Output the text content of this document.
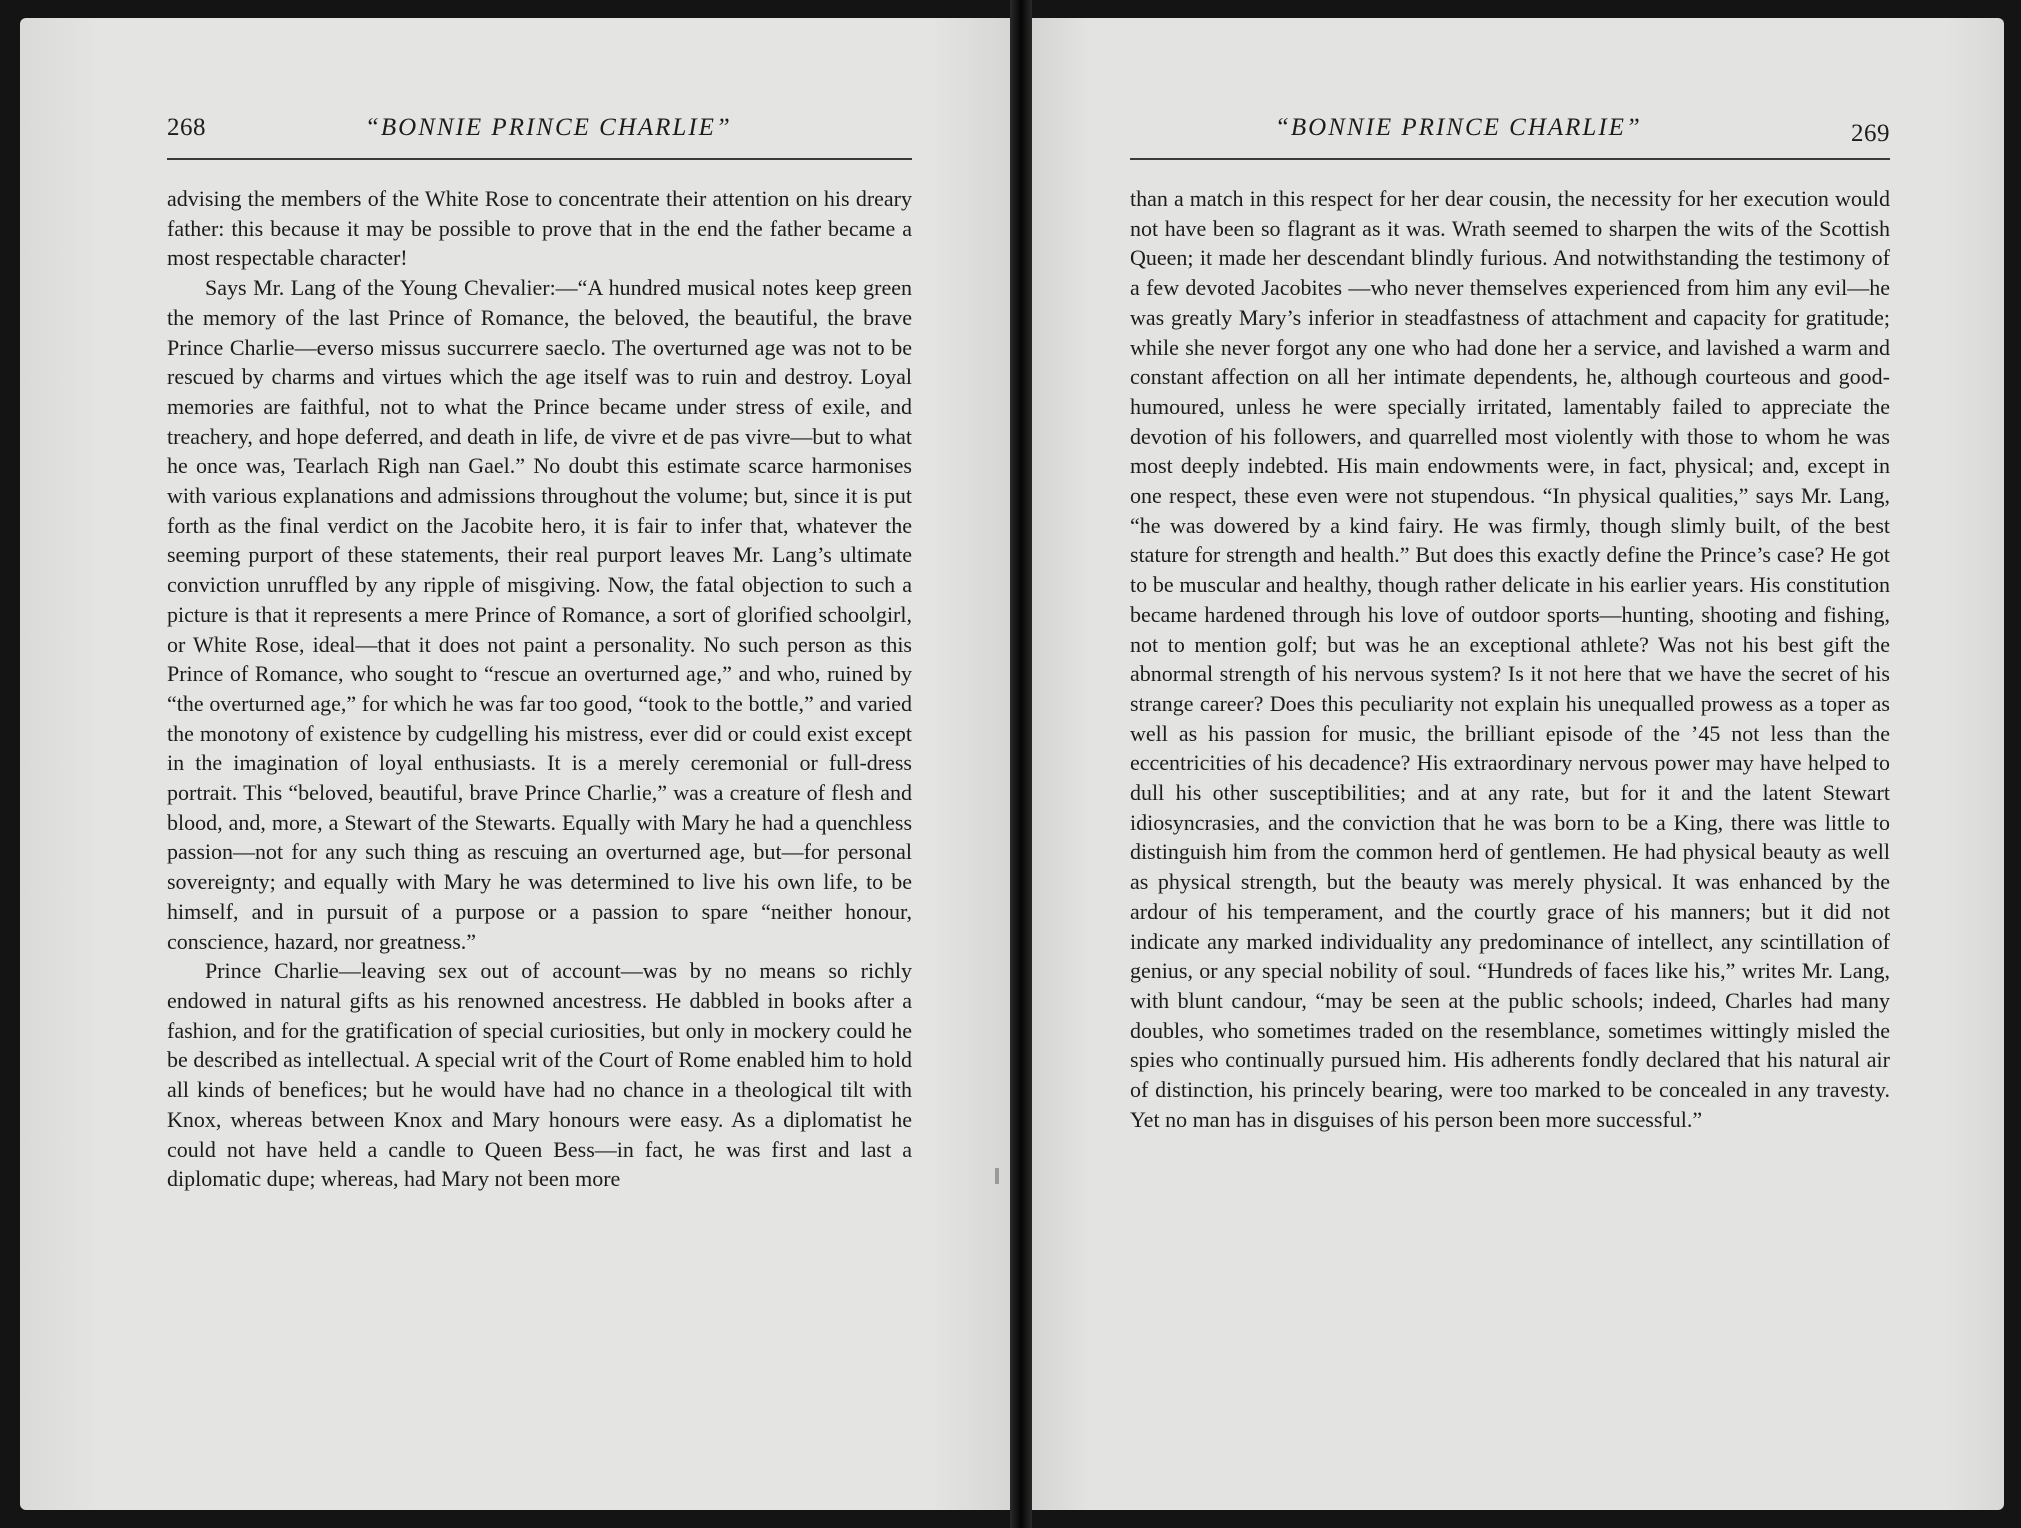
268	“BONNIE PRINCE CHARLIE”

advising the members of the White Rose to concentrate their attention on his dreary father: this because it may be possible to prove that in the end the father became a most respectable character!

Says Mr. Lang of the Young Chevalier:—“A hundred musical notes keep green the memory of the last Prince of Romance, the beloved, the beautiful, the brave Prince Charlie—everso missus succurrere saeclo. The overturned age was not to be rescued by charms and virtues which the age itself was to ruin and destroy. Loyal memories are faithful, not to what the Prince became under stress of exile, and treachery, and hope deferred, and death in life, de vivre et de pas vivre—but to what he once was, Tearlach Righ nan Gael.” No doubt this estimate scarce harmonises with various explanations and admissions throughout the volume; but, since it is put forth as the final verdict on the Jacobite hero, it is fair to infer that, whatever the seeming purport of these statements, their real purport leaves Mr. Lang’s ultimate conviction unruffled by any ripple of misgiving. Now, the fatal objection to such a picture is that it represents a mere Prince of Romance, a sort of glorified schoolgirl, or White Rose, ideal—that it does not paint a personality. No such person as this Prince of Romance, who sought to “rescue an overturned age,” and who, ruined by “the overturned age,” for which he was far too good, “took to the bottle,” and varied the monotony of existence by cudgelling his mistress, ever did or could exist except in the imagination of loyal enthusiasts. It is a merely ceremonial or full-dress portrait. This “beloved, beautiful, brave Prince Charlie,” was a creature of flesh and blood, and, more, a Stewart of the Stewarts. Equally with Mary he had a quenchless passion—not for any such thing as rescuing an overturned age, but—for personal sovereignty; and equally with Mary he was determined to live his own life, to be himself, and in pursuit of a purpose or a passion to spare “neither honour, conscience, hazard, nor greatness.”

Prince Charlie—leaving sex out of account—was by no means so richly endowed in natural gifts as his renowned ancestress. He dabbled in books after a fashion, and for the gratification of special curiosities, but only in mockery could he be described as intellectual. A special writ of the Court of Rome enabled him to hold all kinds of benefices; but he would have had no chance in a theological tilt with Knox, whereas between Knox and Mary honours were easy. As a diplomatist he could not have held a candle to Queen Bess—in fact, he was first and last a diplomatic dupe; whereas, had Mary not been more

“BONNIE PRINCE CHARLIE”	269

than a match in this respect for her dear cousin, the necessity for her execution would not have been so flagrant as it was. Wrath seemed to sharpen the wits of the Scottish Queen; it made her descendant blindly furious. And notwithstanding the testimony of a few devoted Jacobites —who never themselves experienced from him any evil—he was greatly Mary’s inferior in steadfastness of attachment and capacity for gratitude; while she never forgot any one who had done her a service, and lavished a warm and constant affection on all her intimate dependents, he, although courteous and good-humoured, unless he were specially irritated, lamentably failed to appreciate the devotion of his followers, and quarrelled most violently with those to whom he was most deeply indebted. His main endowments were, in fact, physical; and, except in one respect, these even were not stupendous. “In physical qualities,” says Mr. Lang, “he was dowered by a kind fairy. He was firmly, though slimly built, of the best stature for strength and health.” But does this exactly define the Prince’s case? He got to be muscular and healthy, though rather delicate in his earlier years. His constitution became hardened through his love of outdoor sports—hunting, shooting and fishing, not to mention golf; but was he an exceptional athlete? Was not his best gift the abnormal strength of his nervous system? Is it not here that we have the secret of his strange career? Does this peculiarity not explain his unequalled prowess as a toper as well as his passion for music, the brilliant episode of the ’45 not less than the eccentricities of his decadence? His extraordinary nervous power may have helped to dull his other susceptibilities; and at any rate, but for it and the latent Stewart idiosyncrasies, and the conviction that he was born to be a King, there was little to distinguish him from the common herd of gentlemen. He had physical beauty as well as physical strength, but the beauty was merely physical. It was enhanced by the ardour of his temperament, and the courtly grace of his manners; but it did not indicate any marked individuality any predominance of intellect, any scintillation of genius, or any special nobility of soul. “Hundreds of faces like his,” writes Mr. Lang, with blunt candour, “may be seen at the public schools; indeed, Charles had many doubles, who sometimes traded on the resemblance, sometimes wittingly misled the spies who continually pursued him. His adherents fondly declared that his natural air of distinction, his princely bearing, were too marked to be concealed in any travesty. Yet no man has in disguises of his person been more successful.”
